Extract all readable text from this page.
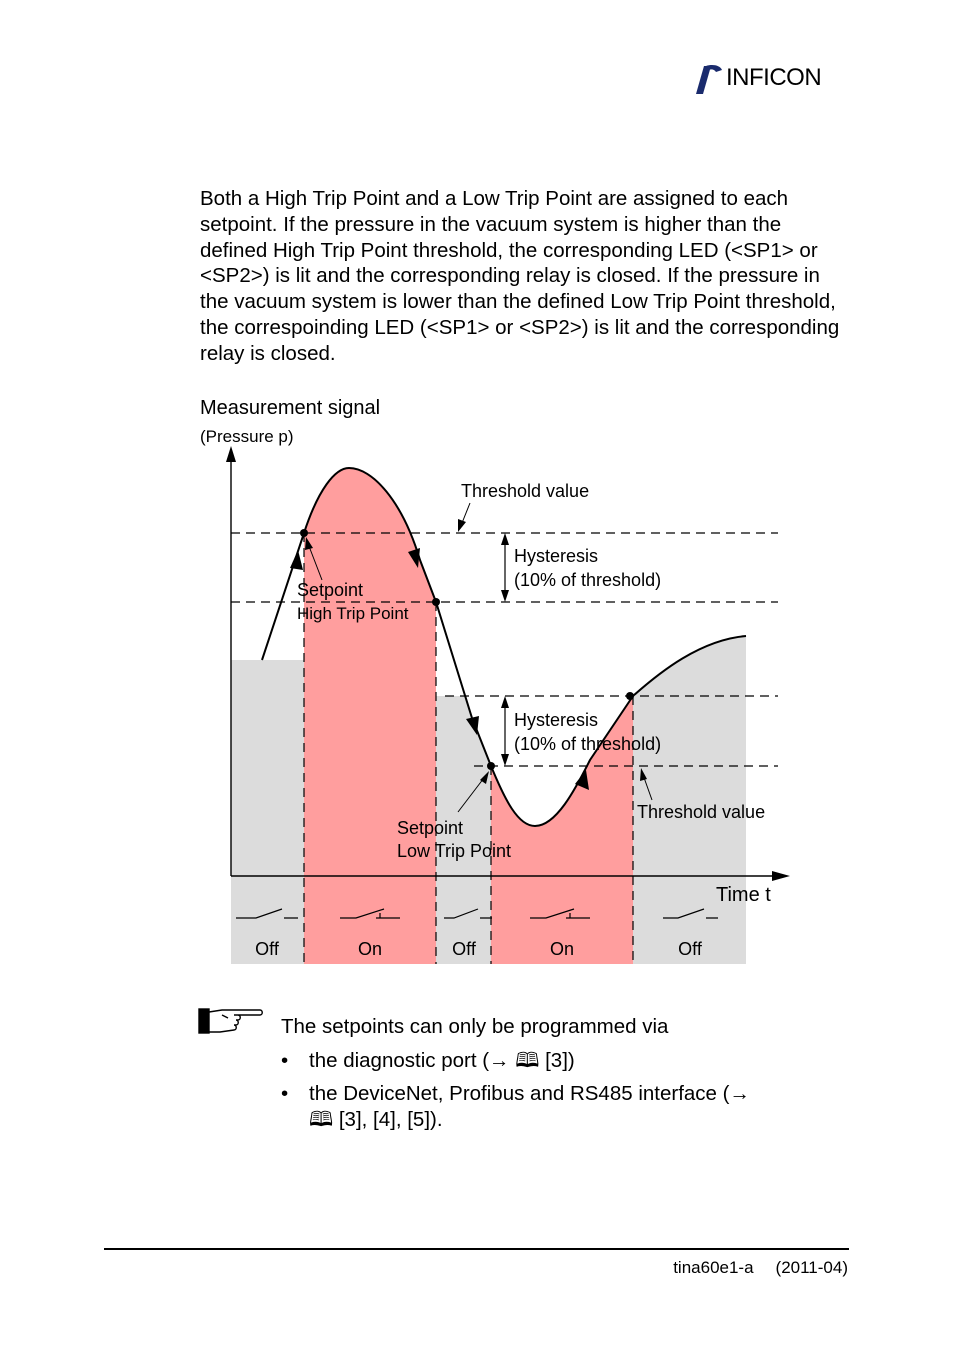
INFICON

Both a High Trip Point and a Low Trip Point are assigned to each setpoint. If the pressure in the vacuum system is higher than the defined High Trip Point threshold, the corresponding LED (<SP1> or <SP2>) is lit and the corresponding relay is closed. If the pressure in the vacuum system is lower than the defined Low Trip Point threshold, the correspoinding LED (<SP1> or <SP2>) is lit and the corresponding relay is closed.

Measurement signal
(Pressure p)
Threshold value
Hysteresis
(10% of threshold)
Setpoint
High Trip Point
Hysteresis
(10% of threshold)
Threshold value
Setpoint
Low Trip Point
Time t
Off	On	Off	On	Off
The setpoints can only be programmed via
• the diagnostic port (→ 🕮 [3])
• the DeviceNet, Profibus and RS485 interface (→ 🕮 [3], [4], [5]).
tina60e1-a (2011-04)
